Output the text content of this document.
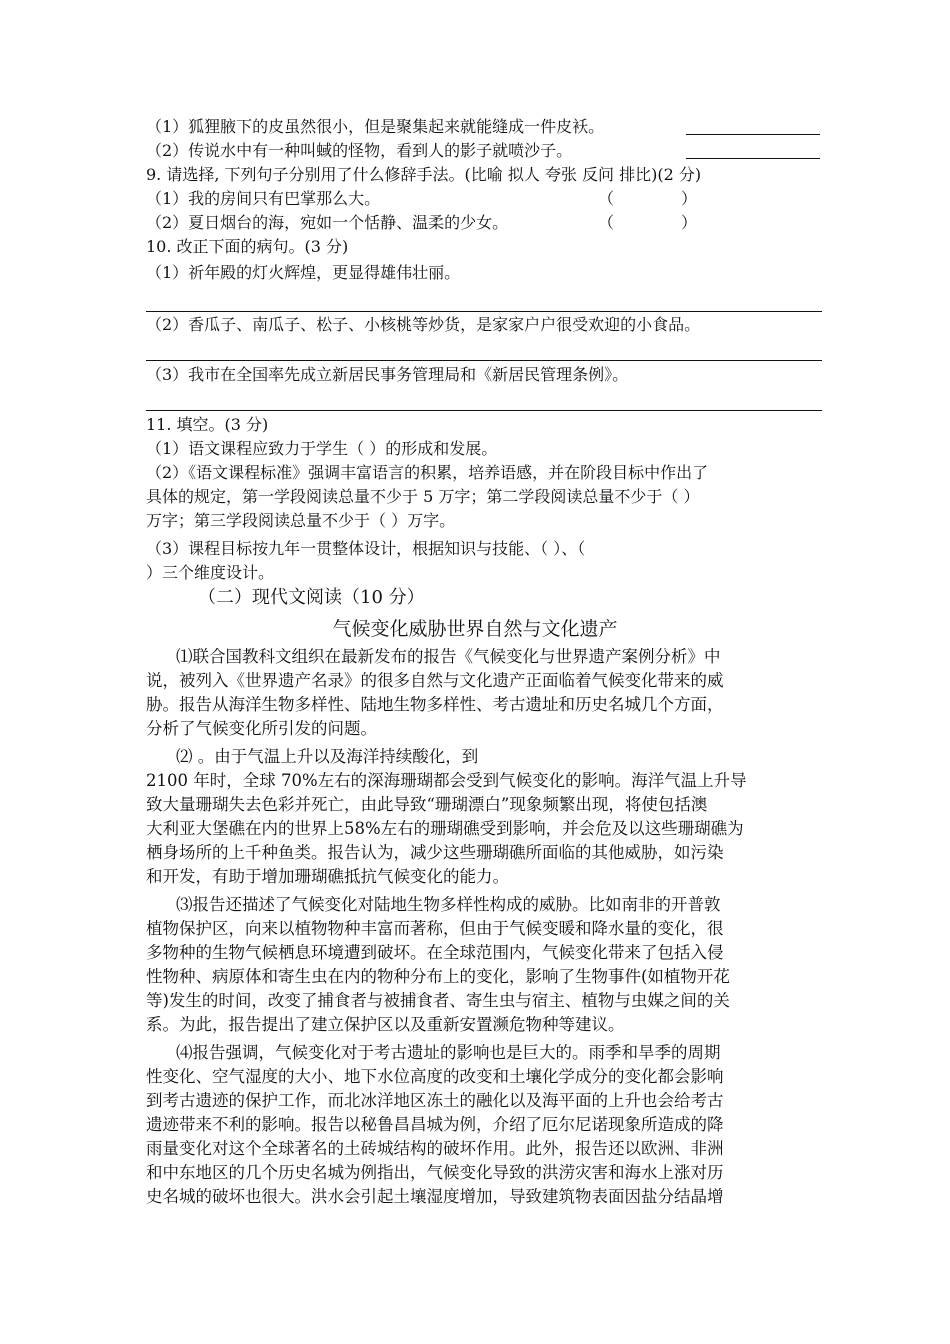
（1）狐狸腋下的皮虽然很小，但是聚集起来就能缝成一件皮袄。
（2）传说水中有一种叫蜮的怪物，看到人的影子就喷沙子。
9. 请选择, 下列句子分别用了什么修辞手法。(比喻 拟人 夸张 反问 排比)(2 分)
（1）我的房间只有巴掌那么大。	（	）
（2）夏日烟台的海，宛如一个恬静、温柔的少女。	（	）
10. 改正下面的病句。(3 分)
（1）祈年殿的灯火辉煌，更显得雄伟壮丽。
（2）香瓜子、南瓜子、松子、小核桃等炒货，是家家户户很受欢迎的小食品。
（3）我市在全国率先成立新居民事务管理局和《新居民管理条例》。
11. 填空。(3 分)
（1）语文课程应致力于学生（ ）的形成和发展。
（2）《语文课程标准》强调丰富语言的积累，培养语感，并在阶段目标中作出了
具体的规定，第一学段阅读总量不少于 5 万字；第二学段阅读总量不少于（ ）
万字；第三学段阅读总量不少于（ ）万字。
（3）课程目标按九年一贯整体设计，根据知识与技能、（ ）、（
）三个维度设计。
（二）现代文阅读（10 分）
气候变化威胁世界自然与文化遗产
⑴联合国教科文组织在最新发布的报告《气候变化与世界遗产案例分析》中
说，被列入《世界遗产名录》的很多自然与文化遗产正面临着气候变化带来的威
胁。报告从海洋生物多样性、陆地生物多样性、考古遗址和历史名城几个方面，
分析了气候变化所引发的问题。
⑵ 。由于气温上升以及海洋持续酸化，到
2100 年时，全球 70%左右的深海珊瑚都会受到气候变化的影响。海洋气温上升导
致大量珊瑚失去色彩并死亡，由此导致“珊瑚漂白”现象频繁出现，将使包括澳
大利亚大堡礁在内的世界上58%左右的珊瑚礁受到影响，并会危及以这些珊瑚礁为
栖身场所的上千种鱼类。报告认为，减少这些珊瑚礁所面临的其他威胁，如污染
和开发，有助于增加珊瑚礁抵抗气候变化的能力。
⑶报告还描述了气候变化对陆地生物多样性构成的威胁。比如南非的开普敦
植物保护区，向来以植物物种丰富而著称，但由于气候变暖和降水量的变化，很
多物种的生物气候栖息环境遭到破坏。在全球范围内，气候变化带来了包括入侵
性物种、病原体和寄生虫在内的物种分布上的变化，影响了生物事件(如植物开花
等)发生的时间，改变了捕食者与被捕食者、寄生虫与宿主、植物与虫媒之间的关
系。为此，报告提出了建立保护区以及重新安置濒危物种等建议。
⑷报告强调，气候变化对于考古遗址的影响也是巨大的。雨季和旱季的周期
性变化、空气湿度的大小、地下水位高度的改变和土壤化学成分的变化都会影响
到考古遗迹的保护工作，而北冰洋地区冻土的融化以及海平面的上升也会给考古
遗迹带来不利的影响。报告以秘鲁昌昌城为例，介绍了厄尔尼诺现象所造成的降
雨量变化对这个全球著名的土砖城结构的破坏作用。此外，报告还以欧洲、非洲
和中东地区的几个历史名城为例指出，气候变化导致的洪涝灾害和海水上涨对历
史名城的破坏也很大。洪水会引起土壤湿度增加，导致建筑物表面因盐分结晶增
